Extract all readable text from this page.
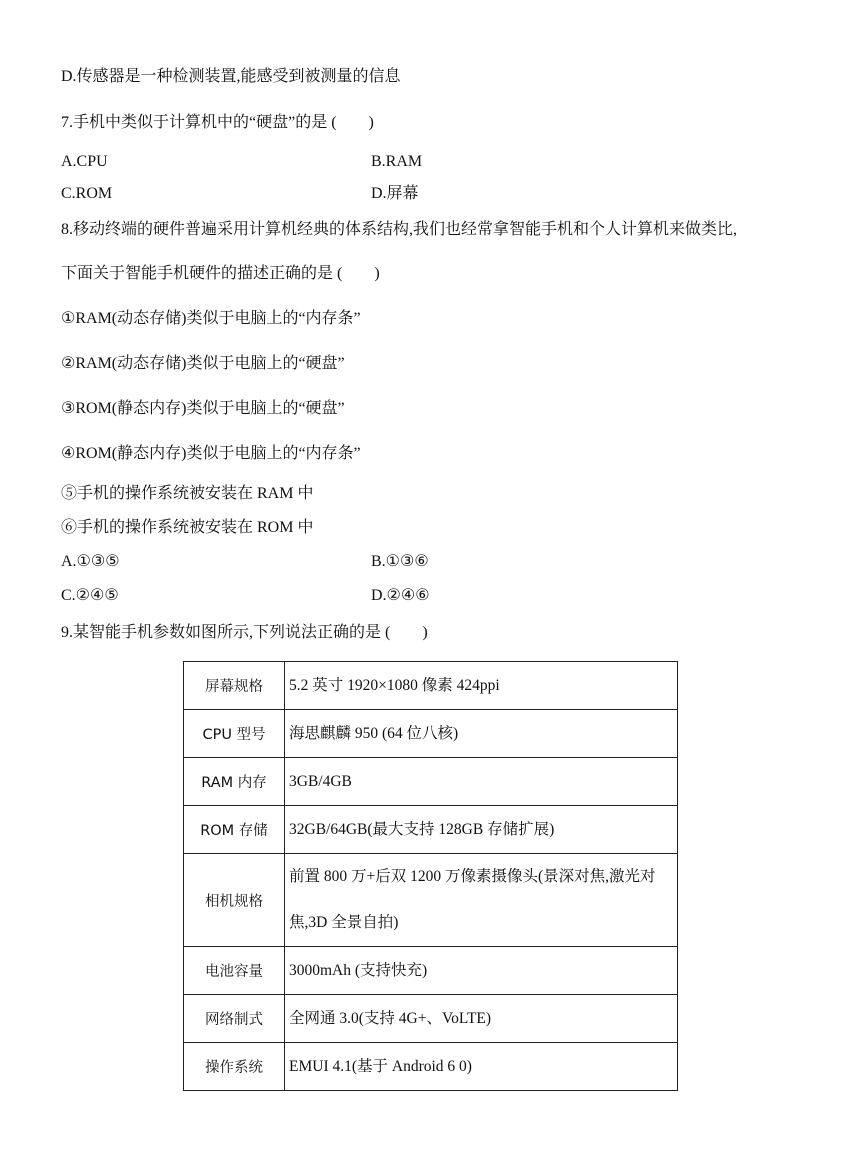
D.传感器是一种检测装置,能感受到被测量的信息
7.手机中类似于计算机中的“硬盘”的是 (　　)
A.CPU	B.RAM
C.ROM	D.屏幕
8.移动终端的硬件普遍采用计算机经典的体系结构,我们也经常拿智能手机和个人计算机来做类比,
下面关于智能手机硬件的描述正确的是 (　　)
①RAM(动态存储)类似于电脑上的“内存条”
②RAM(动态存储)类似于电脑上的“硬盘”
③ROM(静态内存)类似于电脑上的“硬盘”
④ROM(静态内存)类似于电脑上的“内存条”
⑤手机的操作系统被安装在 RAM 中
⑥手机的操作系统被安装在 ROM 中
A.①③⑤	B.①③⑥
C.②④⑤	D.②④⑥
9.某智能手机参数如图所示,下列说法正确的是 (　　)
屏幕规格	5.2 英寸 1920×1080 像素 424ppi
CPU 型号	海思麒麟 950 (64 位八核)
RAM 内存	3GB/4GB
ROM 存储	32GB/64GB(最大支持 128GB 存储扩展)
相机规格	前置 800 万+后双 1200 万像素摄像头(景深对焦,激光对焦,3D 全景自拍)
电池容量	3000mAh (支持快充)
网络制式	全网通 3.0(支持 4G+、VoLTE)
操作系统	EMUI 4.1(基于 Android 6 0)
